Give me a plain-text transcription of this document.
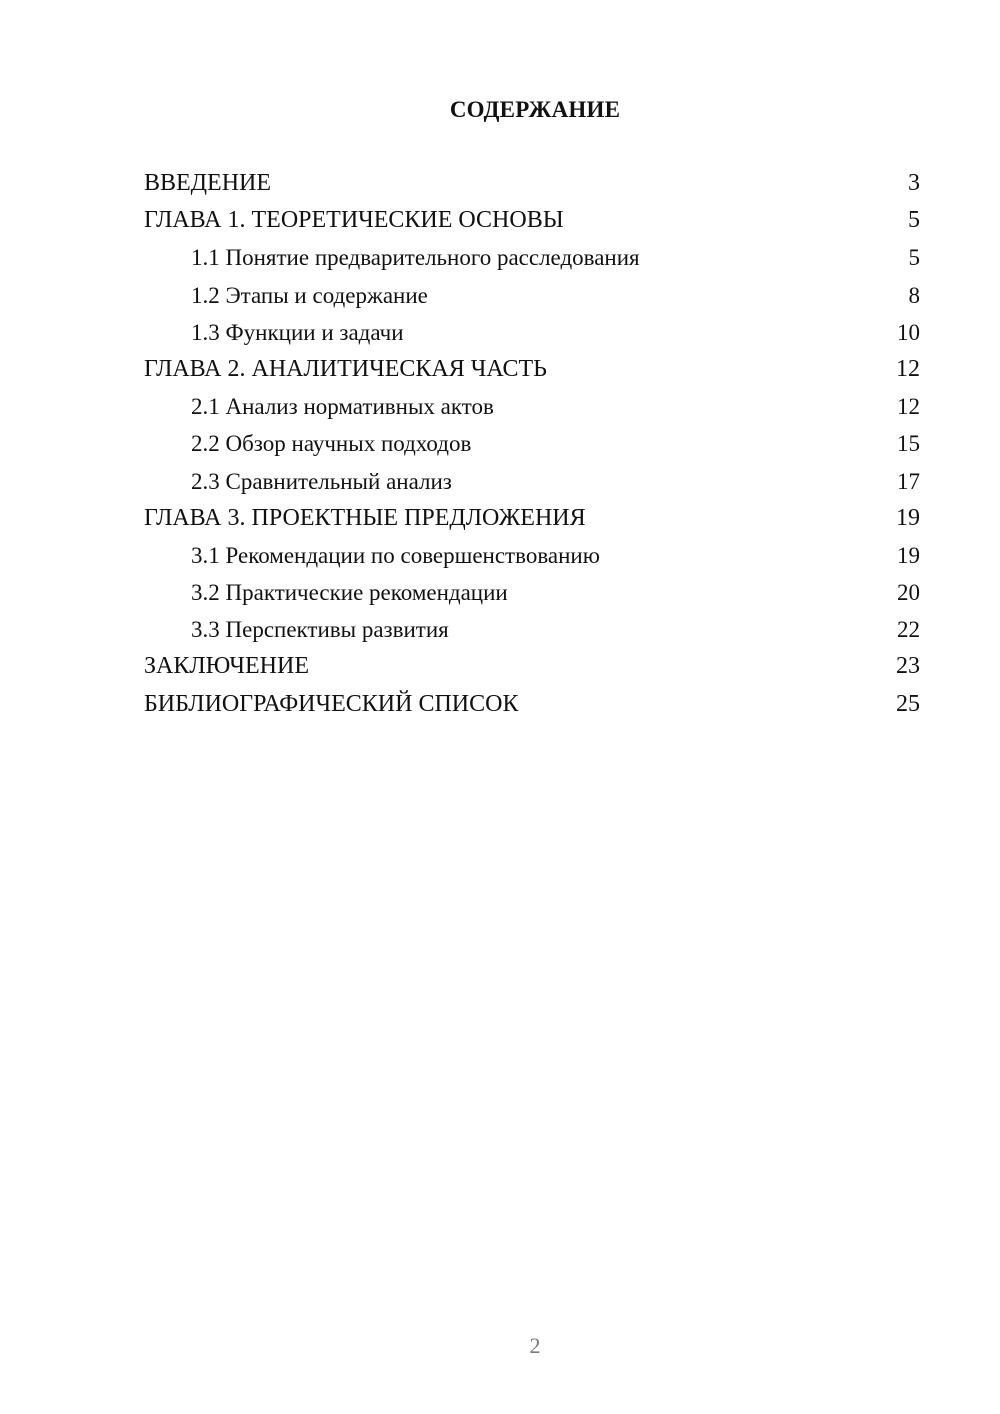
СОДЕРЖАНИЕ
ВВЕДЕНИЕ	3
ГЛАВА 1. ТЕОРЕТИЧЕСКИЕ ОСНОВЫ	5
1.1 Понятие предварительного расследования	5
1.2 Этапы и содержание	8
1.3 Функции и задачи	10
ГЛАВА 2. АНАЛИТИЧЕСКАЯ ЧАСТЬ	12
2.1 Анализ нормативных актов	12
2.2 Обзор научных подходов	15
2.3 Сравнительный анализ	17
ГЛАВА 3. ПРОЕКТНЫЕ ПРЕДЛОЖЕНИЯ	19
3.1 Рекомендации по совершенствованию	19
3.2 Практические рекомендации	20
3.3 Перспективы развития	22
ЗАКЛЮЧЕНИЕ	23
БИБЛИОГРАФИЧЕСКИЙ СПИСОК	25
2
